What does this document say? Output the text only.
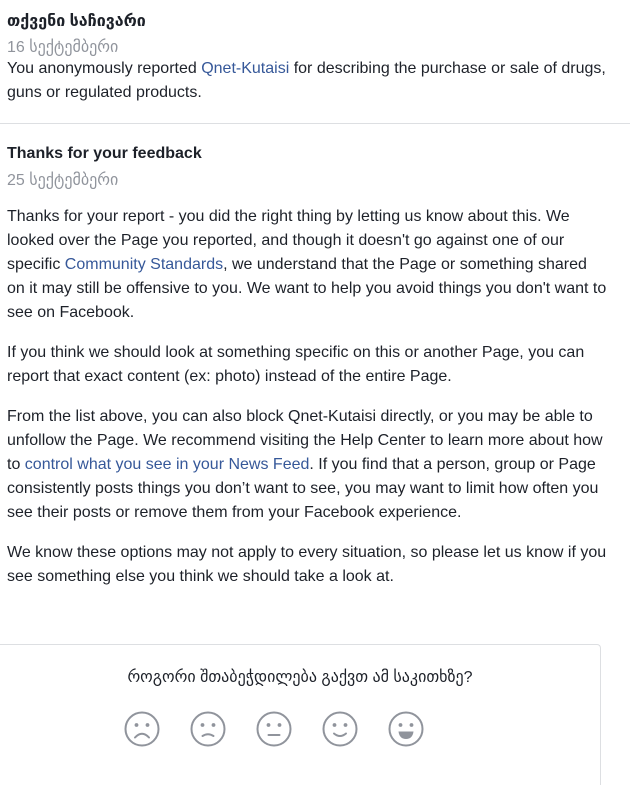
თქვენი საჩივარი
16 სექტემბერი

You anonymously reported Qnet-Kutaisi for describing the purchase or sale of drugs, guns or regulated products.

Thanks for your feedback
25 სექტემბერი

Thanks for your report - you did the right thing by letting us know about this. We looked over the Page you reported, and though it doesn't go against one of our specific Community Standards, we understand that the Page or something shared on it may still be offensive to you. We want to help you avoid things you don't want to see on Facebook.

If you think we should look at something specific on this or another Page, you can report that exact content (ex: photo) instead of the entire Page.

From the list above, you can also block Qnet-Kutaisi directly, or you may be able to unfollow the Page. We recommend visiting the Help Center to learn more about how to control what you see in your News Feed. If you find that a person, group or Page consistently posts things you don’t want to see, you may want to limit how often you see their posts or remove them from your Facebook experience.

We know these options may not apply to every situation, so please let us know if you see something else you think we should take a look at.

როგორი შთაბეჭდილება გაქვთ ამ საკითხზე?
